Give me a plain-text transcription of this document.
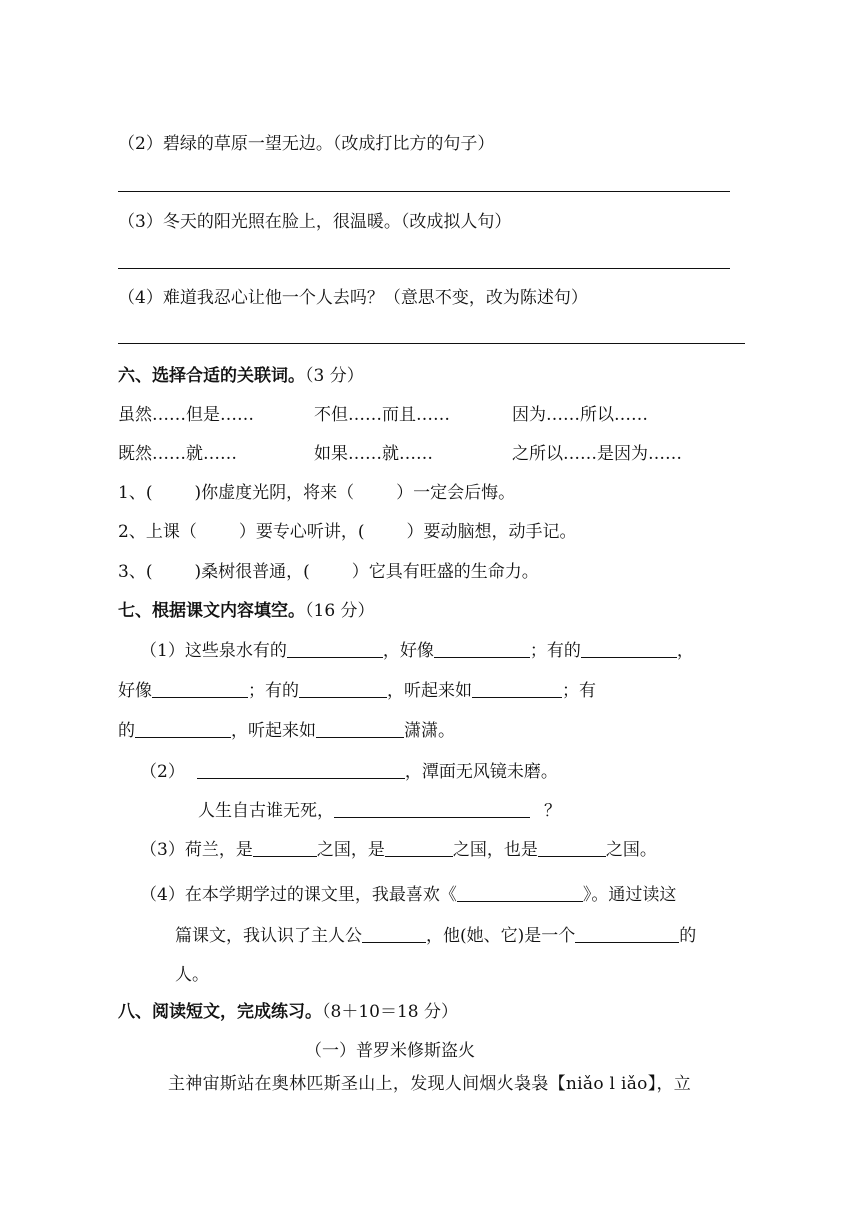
（2）碧绿的草原一望无边。（改成打比方的句子）
（3）冬天的阳光照在脸上，很温暖。（改成拟人句）
（4）难道我忍心让他一个人去吗？（意思不变，改为陈述句）
六、选择合适的关联词。（3 分）
虽然……但是……	不但……而且……	因为……所以……
既然……就……	如果……就……	之所以……是因为……
1、( )你虚度光阴，将来（ ）一定会后悔。
2、上课（ ）要专心听讲，( ）要动脑想，动手记。
3、( )桑树很普通，( ）它具有旺盛的生命力。
七、根据课文内容填空。（16 分）
（1）这些泉水有的	，好像	；有的	，
好像	；有的	，听起来如	；有
的	，听起来如	潇潇。
（2）	，潭面无风镜未磨。
人生自古谁无死，	？
（3）荷兰，是	之国，是	之国，也是	之国。
（4）在本学期学过的课文里，我最喜欢《	》。通过读这
篇课文，我认识了主人公	，他(她、它)是一个	的
人。
八、阅读短文，完成练习。（8＋10＝18 分）
（一）普罗米修斯盗火
主神宙斯站在奥林匹斯圣山上，发现人间烟火袅袅【niǎo l iǎo】，立
